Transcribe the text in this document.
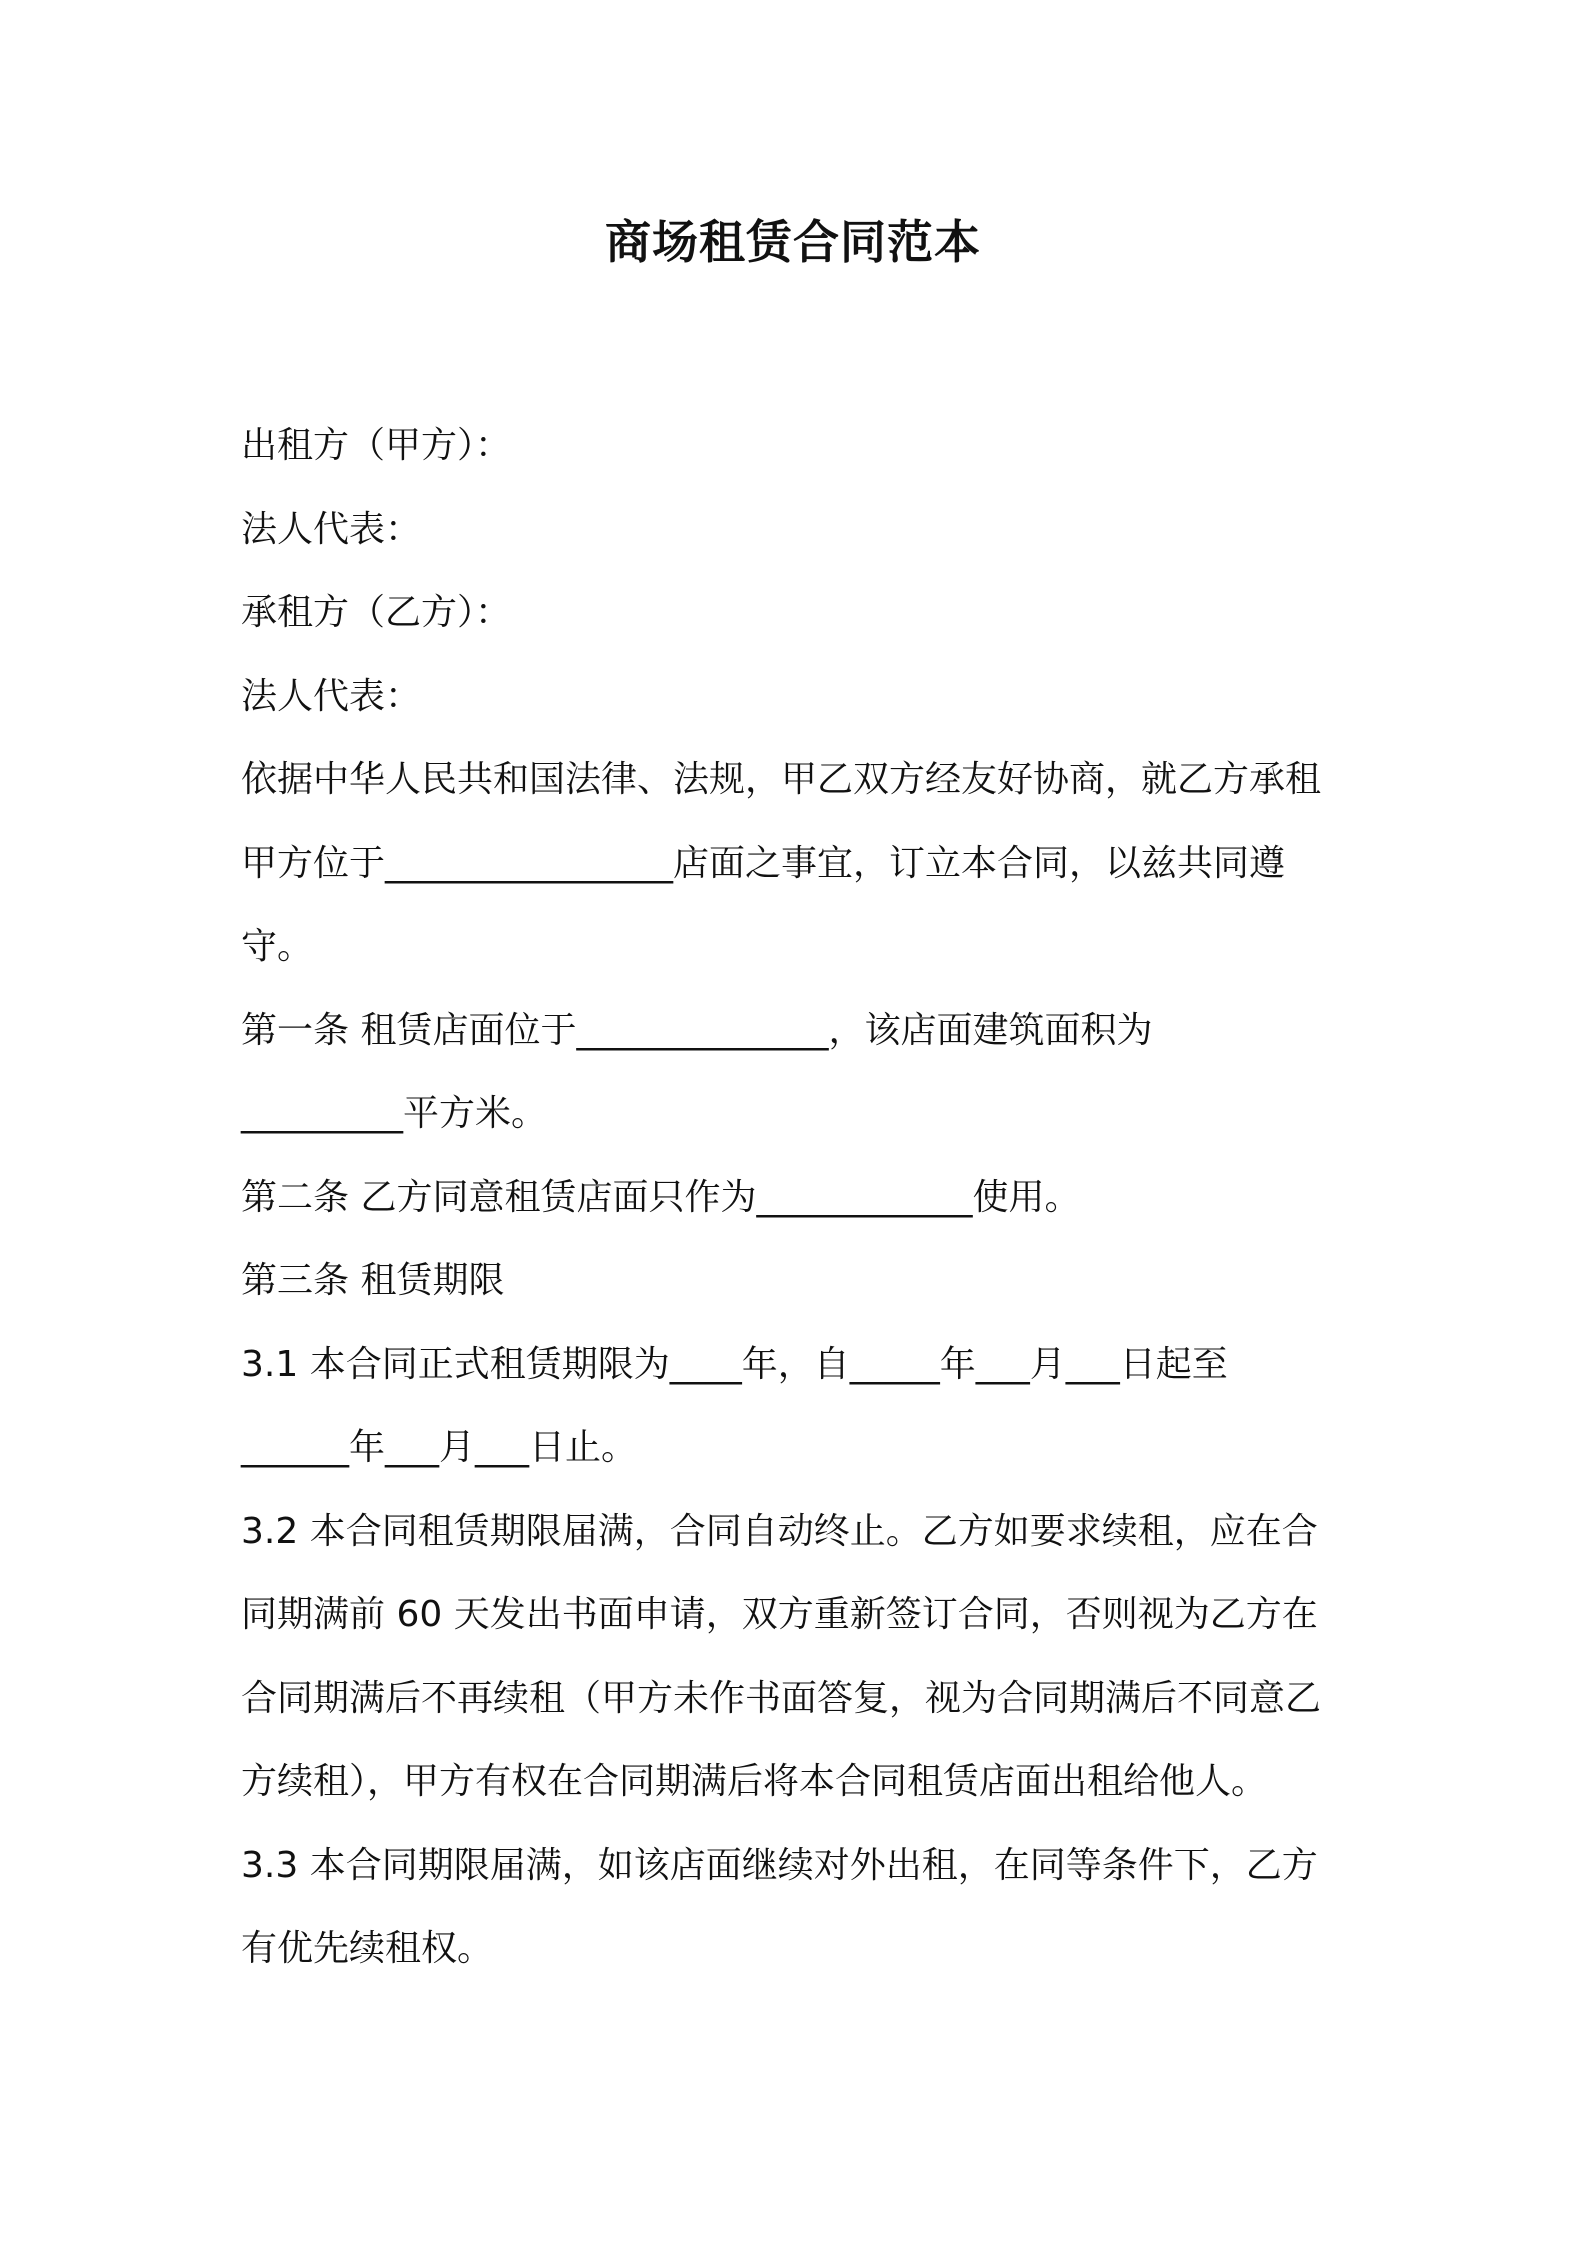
商场租赁合同范本
出租方（甲方）：
法人代表：
承租方（乙方）：
法人代表：
依据中华人民共和国法律、法规，甲乙双方经友好协商，就乙方承租
甲方位于________________店面之事宜，订立本合同，以兹共同遵
守。
第一条 租赁店面位于______________，该店面建筑面积为
_________平方米。
第二条 乙方同意租赁店面只作为____________使用。
第三条 租赁期限
3.1 本合同正式租赁期限为____年，自_____年___月___日起至
______年___月___日止。
3.2 本合同租赁期限届满，合同自动终止。乙方如要求续租，应在合
同期满前 60 天发出书面申请，双方重新签订合同，否则视为乙方在
合同期满后不再续租（甲方未作书面答复，视为合同期满后不同意乙
方续租），甲方有权在合同期满后将本合同租赁店面出租给他人。
3.3 本合同期限届满，如该店面继续对外出租，在同等条件下，乙方
有优先续租权。
